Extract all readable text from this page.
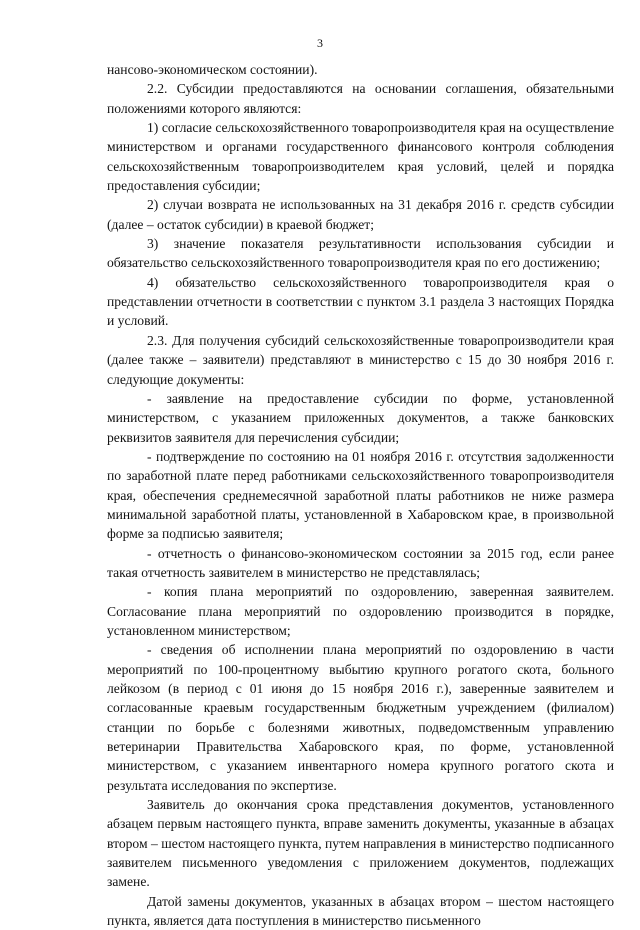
3

нансово-экономическом состоянии).

2.2. Субсидии предоставляются на основании соглашения, обязательными положениями которого являются:

1) согласие сельскохозяйственного товаропроизводителя края на осуществление министерством и органами государственного финансового контроля соблюдения сельскохозяйственным товаропроизводителем края условий, целей и порядка предоставления субсидии;

2) случаи возврата не использованных на 31 декабря 2016 г. средств субсидии (далее – остаток субсидии) в краевой бюджет;

3) значение показателя результативности использования субсидии и обязательство сельскохозяйственного товаропроизводителя края по его достижению;

4) обязательство сельскохозяйственного товаропроизводителя края о представлении отчетности в соответствии с пунктом 3.1 раздела 3 настоящих Порядка и условий.

2.3. Для получения субсидий сельскохозяйственные товаропроизводители края (далее также – заявители) представляют в министерство с 15 до 30 ноября 2016 г. следующие документы:

- заявление на предоставление субсидии по форме, установленной министерством, с указанием приложенных документов, а также банковских реквизитов заявителя для перечисления субсидии;

- подтверждение по состоянию на 01 ноября 2016 г. отсутствия задолженности по заработной плате перед работниками сельскохозяйственного товаропроизводителя края, обеспечения среднемесячной заработной платы работников не ниже размера минимальной заработной платы, установленной в Хабаровском крае, в произвольной форме за подписью заявителя;

- отчетность о финансово-экономическом состоянии за 2015 год, если ранее такая отчетность заявителем в министерство не представлялась;

- копия плана мероприятий по оздоровлению, заверенная заявителем. Согласование плана мероприятий по оздоровлению производится в порядке, установленном министерством;

- сведения об исполнении плана мероприятий по оздоровлению в части мероприятий по 100-процентному выбытию крупного рогатого скота, больного лейкозом (в период с 01 июня до 15 ноября 2016 г.), заверенные заявителем и согласованные краевым государственным бюджетным учреждением (филиалом) станции по борьбе с болезнями животных, подведомственным управлению ветеринарии Правительства Хабаровского края, по форме, установленной министерством, с указанием инвентарного номера крупного рогатого скота и результата исследования по экспертизе.

Заявитель до окончания срока представления документов, установленного абзацем первым настоящего пункта, вправе заменить документы, указанные в абзацах втором – шестом настоящего пункта, путем направления в министерство подписанного заявителем письменного уведомления с приложением документов, подлежащих замене.

Датой замены документов, указанных в абзацах втором – шестом настоящего пункта, является дата поступления в министерство письменного
